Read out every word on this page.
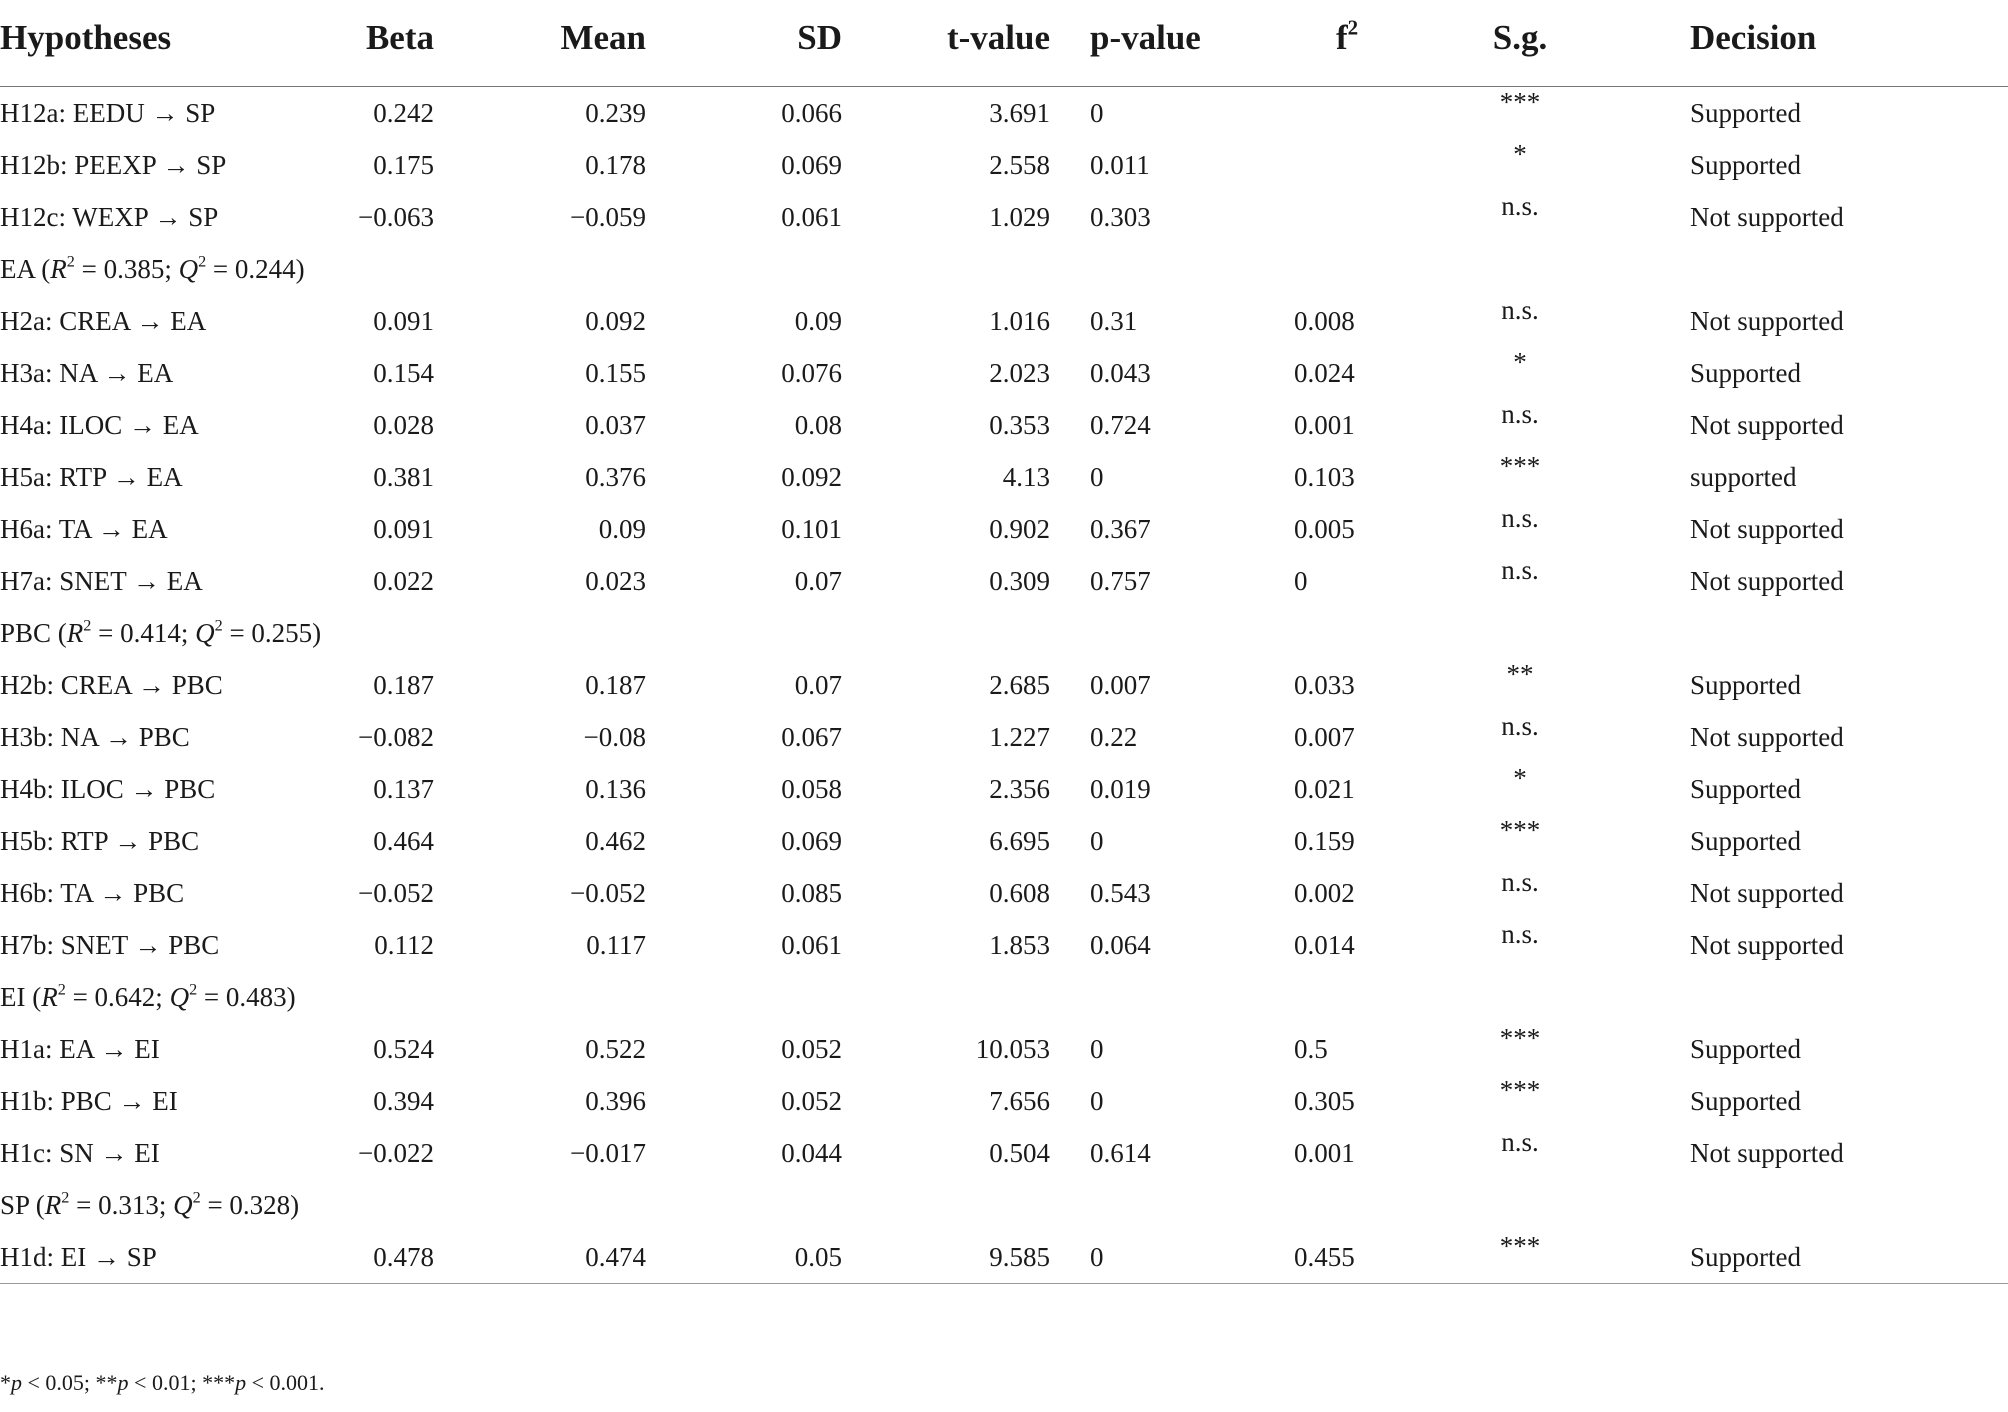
Hypotheses	Beta	Mean	SD	t-value	p-value	$f^2$	S.g.	Decision
H12a: EEDU → SP	0.242	0.239	0.066	3.691	0		***	Supported
H12b: PEEXP → SP	0.175	0.178	0.069	2.558	0.011		*	Supported
H12c: WEXP → SP	−0.063	−0.059	0.061	1.029	0.303		n.s.	Not supported
EA ($R^2 = 0.385$; $Q^2 = 0.244$)								
H2a: CREA → EA	0.091	0.092	0.09	1.016	0.31	0.008	n.s.	Not supported
H3a: NA → EA	0.154	0.155	0.076	2.023	0.043	0.024	*	Supported
H4a: ILOC → EA	0.028	0.037	0.08	0.353	0.724	0.001	n.s.	Not supported
H5a: RTP → EA	0.381	0.376	0.092	4.13	0	0.103	***	supported
H6a: TA → EA	0.091	0.09	0.101	0.902	0.367	0.005	n.s.	Not supported
H7a: SNET → EA	0.022	0.023	0.07	0.309	0.757	0	n.s.	Not supported
PBC ($R^2 = 0.414$; $Q^2 = 0.255$)								
H2b: CREA → PBC	0.187	0.187	0.07	2.685	0.007	0.033	**	Supported
H3b: NA → PBC	−0.082	−0.08	0.067	1.227	0.22	0.007	n.s.	Not supported
H4b: ILOC → PBC	0.137	0.136	0.058	2.356	0.019	0.021	*	Supported
H5b: RTP → PBC	0.464	0.462	0.069	6.695	0	0.159	***	Supported
H6b: TA → PBC	−0.052	−0.052	0.085	0.608	0.543	0.002	n.s.	Not supported
H7b: SNET → PBC	0.112	0.117	0.061	1.853	0.064	0.014	n.s.	Not supported
EI ($R^2 = 0.642$; $Q^2 = 0.483$)								
H1a: EA → EI	0.524	0.522	0.052	10.053	0	0.5	***	Supported
H1b: PBC → EI	0.394	0.396	0.052	7.656	0	0.305	***	Supported
H1c: SN → EI	−0.022	−0.017	0.044	0.504	0.614	0.001	n.s.	Not supported
SP ($R^2 = 0.313$; $Q^2 = 0.328$)								
H1d: EI → SP	0.478	0.474	0.05	9.585	0	0.455	***	Supported
*p < 0.05; **p < 0.01; ***p < 0.001.
